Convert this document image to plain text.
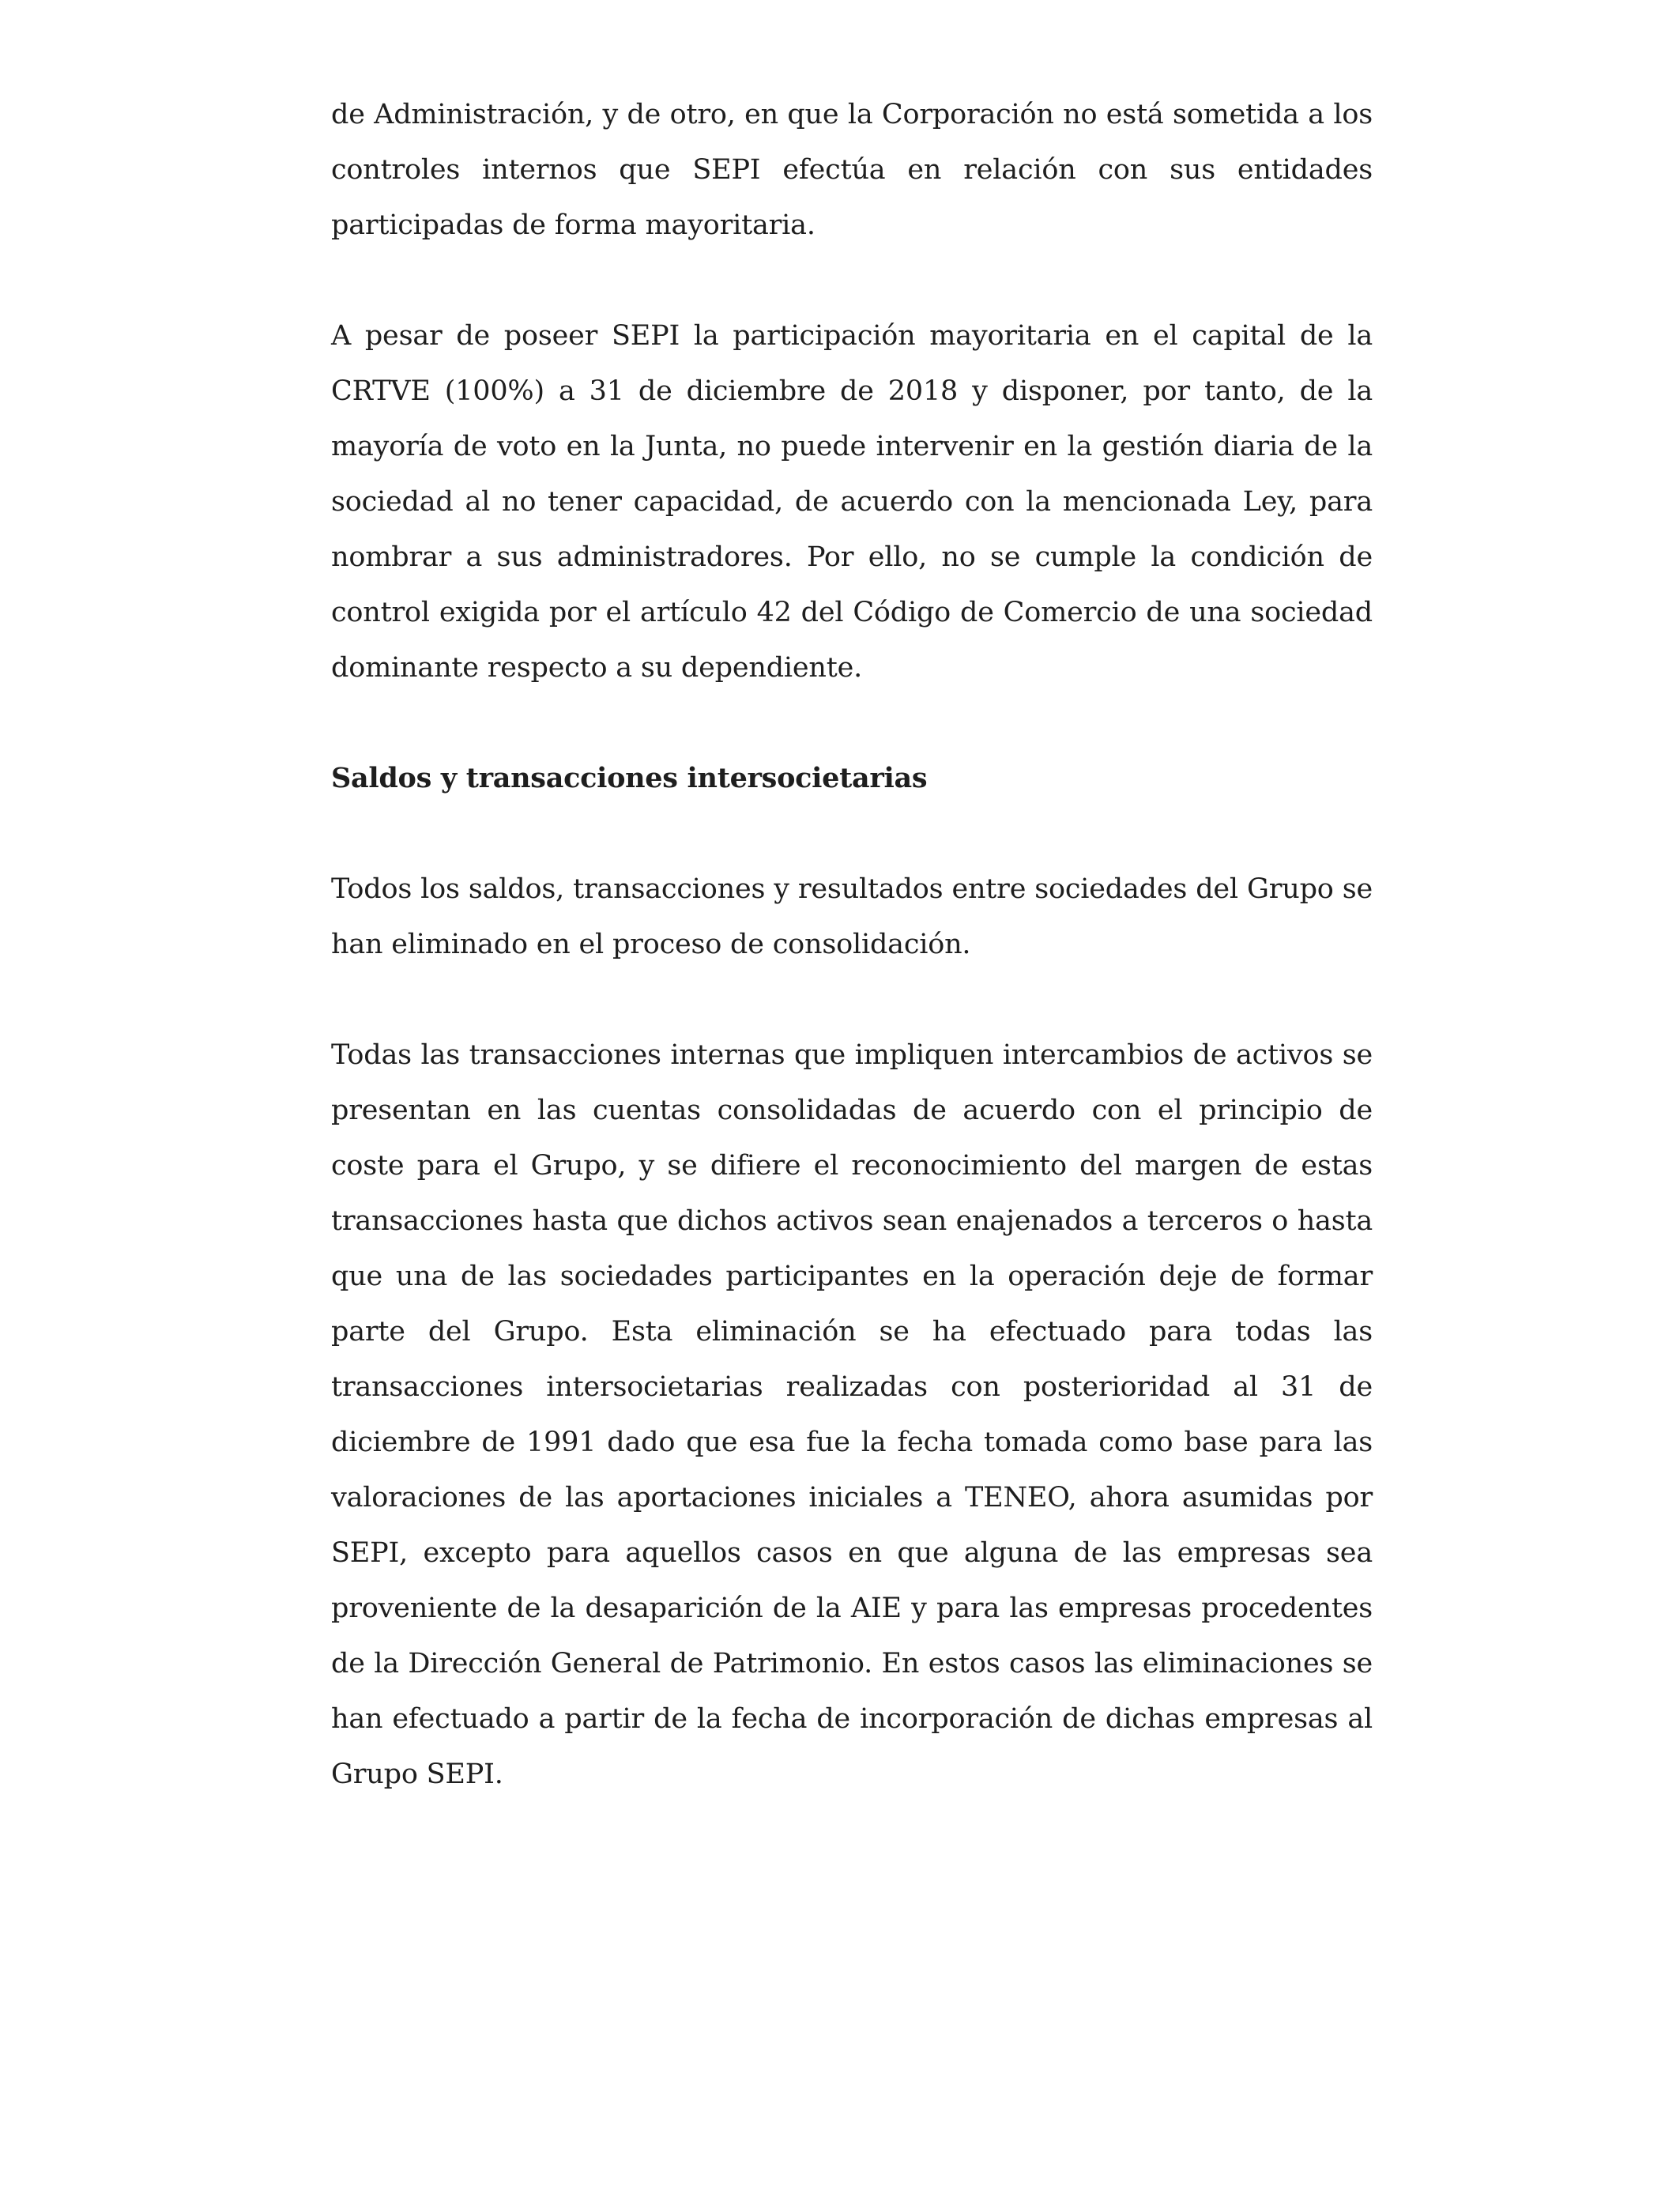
de Administración, y de otro, en que la Corporación no está sometida a los controles internos que SEPI efectúa en relación con sus entidades participadas de forma mayoritaria.

A pesar de poseer SEPI la participación mayoritaria en el capital de la CRTVE (100%) a 31 de diciembre de 2018 y disponer, por tanto, de la mayoría de voto en la Junta, no puede intervenir en la gestión diaria de la sociedad al no tener capacidad, de acuerdo con la mencionada Ley, para nombrar a sus administradores. Por ello, no se cumple la condición de control exigida por el artículo 42 del Código de Comercio de una sociedad dominante respecto a su dependiente.

Saldos y transacciones intersocietarias

Todos los saldos, transacciones y resultados entre sociedades del Grupo se han eliminado en el proceso de consolidación.

Todas las transacciones internas que impliquen intercambios de activos se presentan en las cuentas consolidadas de acuerdo con el principio de coste para el Grupo, y se difiere el reconocimiento del margen de estas transacciones hasta que dichos activos sean enajenados a terceros o hasta que una de las sociedades participantes en la operación deje de formar parte del Grupo. Esta eliminación se ha efectuado para todas las transacciones intersocietarias realizadas con posterioridad al 31 de diciembre de 1991 dado que esa fue la fecha tomada como base para las valoraciones de las aportaciones iniciales a TENEO, ahora asumidas por SEPI, excepto para aquellos casos en que alguna de las empresas sea proveniente de la desaparición de la AIE y para las empresas procedentes de la Dirección General de Patrimonio. En estos casos las eliminaciones se han efectuado a partir de la fecha de incorporación de dichas empresas al Grupo SEPI.
